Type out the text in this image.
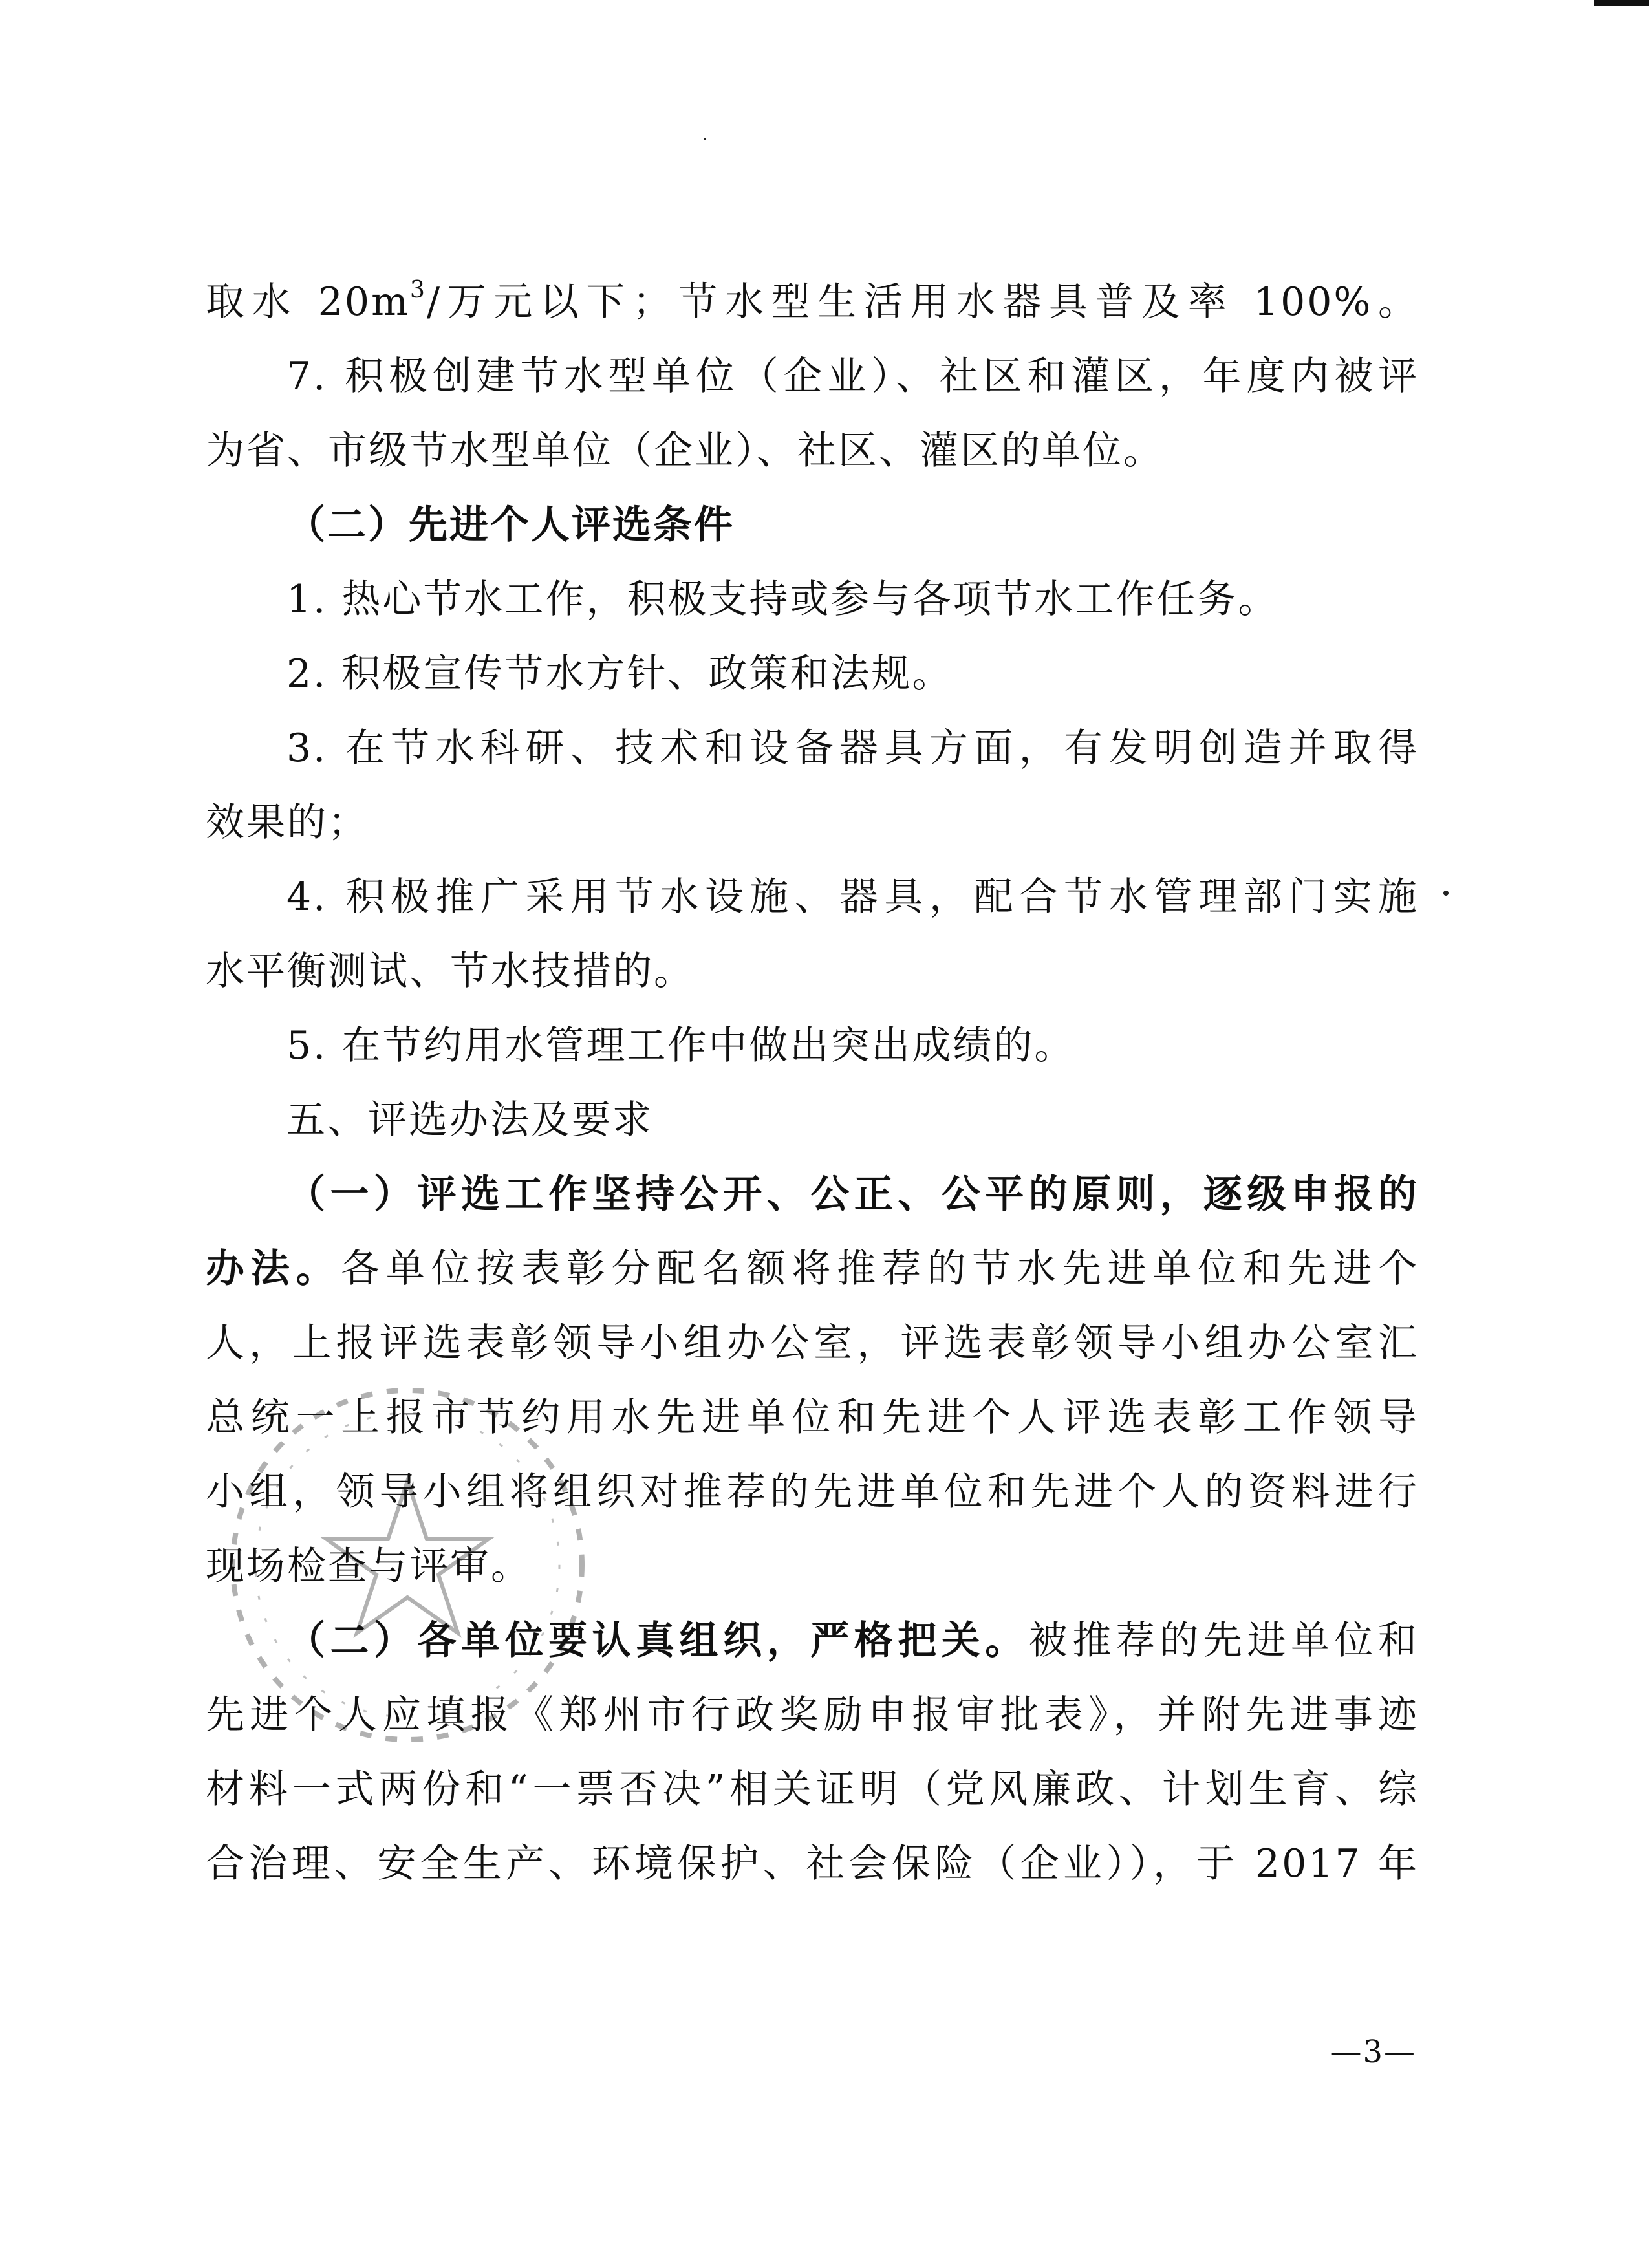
取水 $20m^3/$万元以下；节水型生活用水器具普及率 100%。
7. 积极创建节水型单位（企业）、社区和灌区，年度内被评
为省、市级节水型单位（企业）、社区、灌区的单位。
（二）先进个人评选条件
1. 热心节水工作，积极支持或参与各项节水工作任务。
2. 积极宣传节水方针、政策和法规。
3. 在节水科研、技术和设备器具方面，有发明创造并取得
效果的；
4. 积极推广采用节水设施、器具，配合节水管理部门实施
水平衡测试、节水技措的。
5. 在节约用水管理工作中做出突出成绩的。
五、评选办法及要求
（一）评选工作坚持公开、公正、公平的原则，逐级申报的
办法。各单位按表彰分配名额将推荐的节水先进单位和先进个
人，上报评选表彰领导小组办公室，评选表彰领导小组办公室汇
总统一上报市节约用水先进单位和先进个人评选表彰工作领导
小组，领导小组将组织对推荐的先进单位和先进个人的资料进行
现场检查与评审。
（二）各单位要认真组织，严格把关。被推荐的先进单位和
先进个人应填报《郑州市行政奖励申报审批表》，并附先进事迹
材料一式两份和“一票否决”相关证明（党风廉政、计划生育、综
合治理、安全生产、环境保护、社会保险（企业）），于 2017 年
—3—
